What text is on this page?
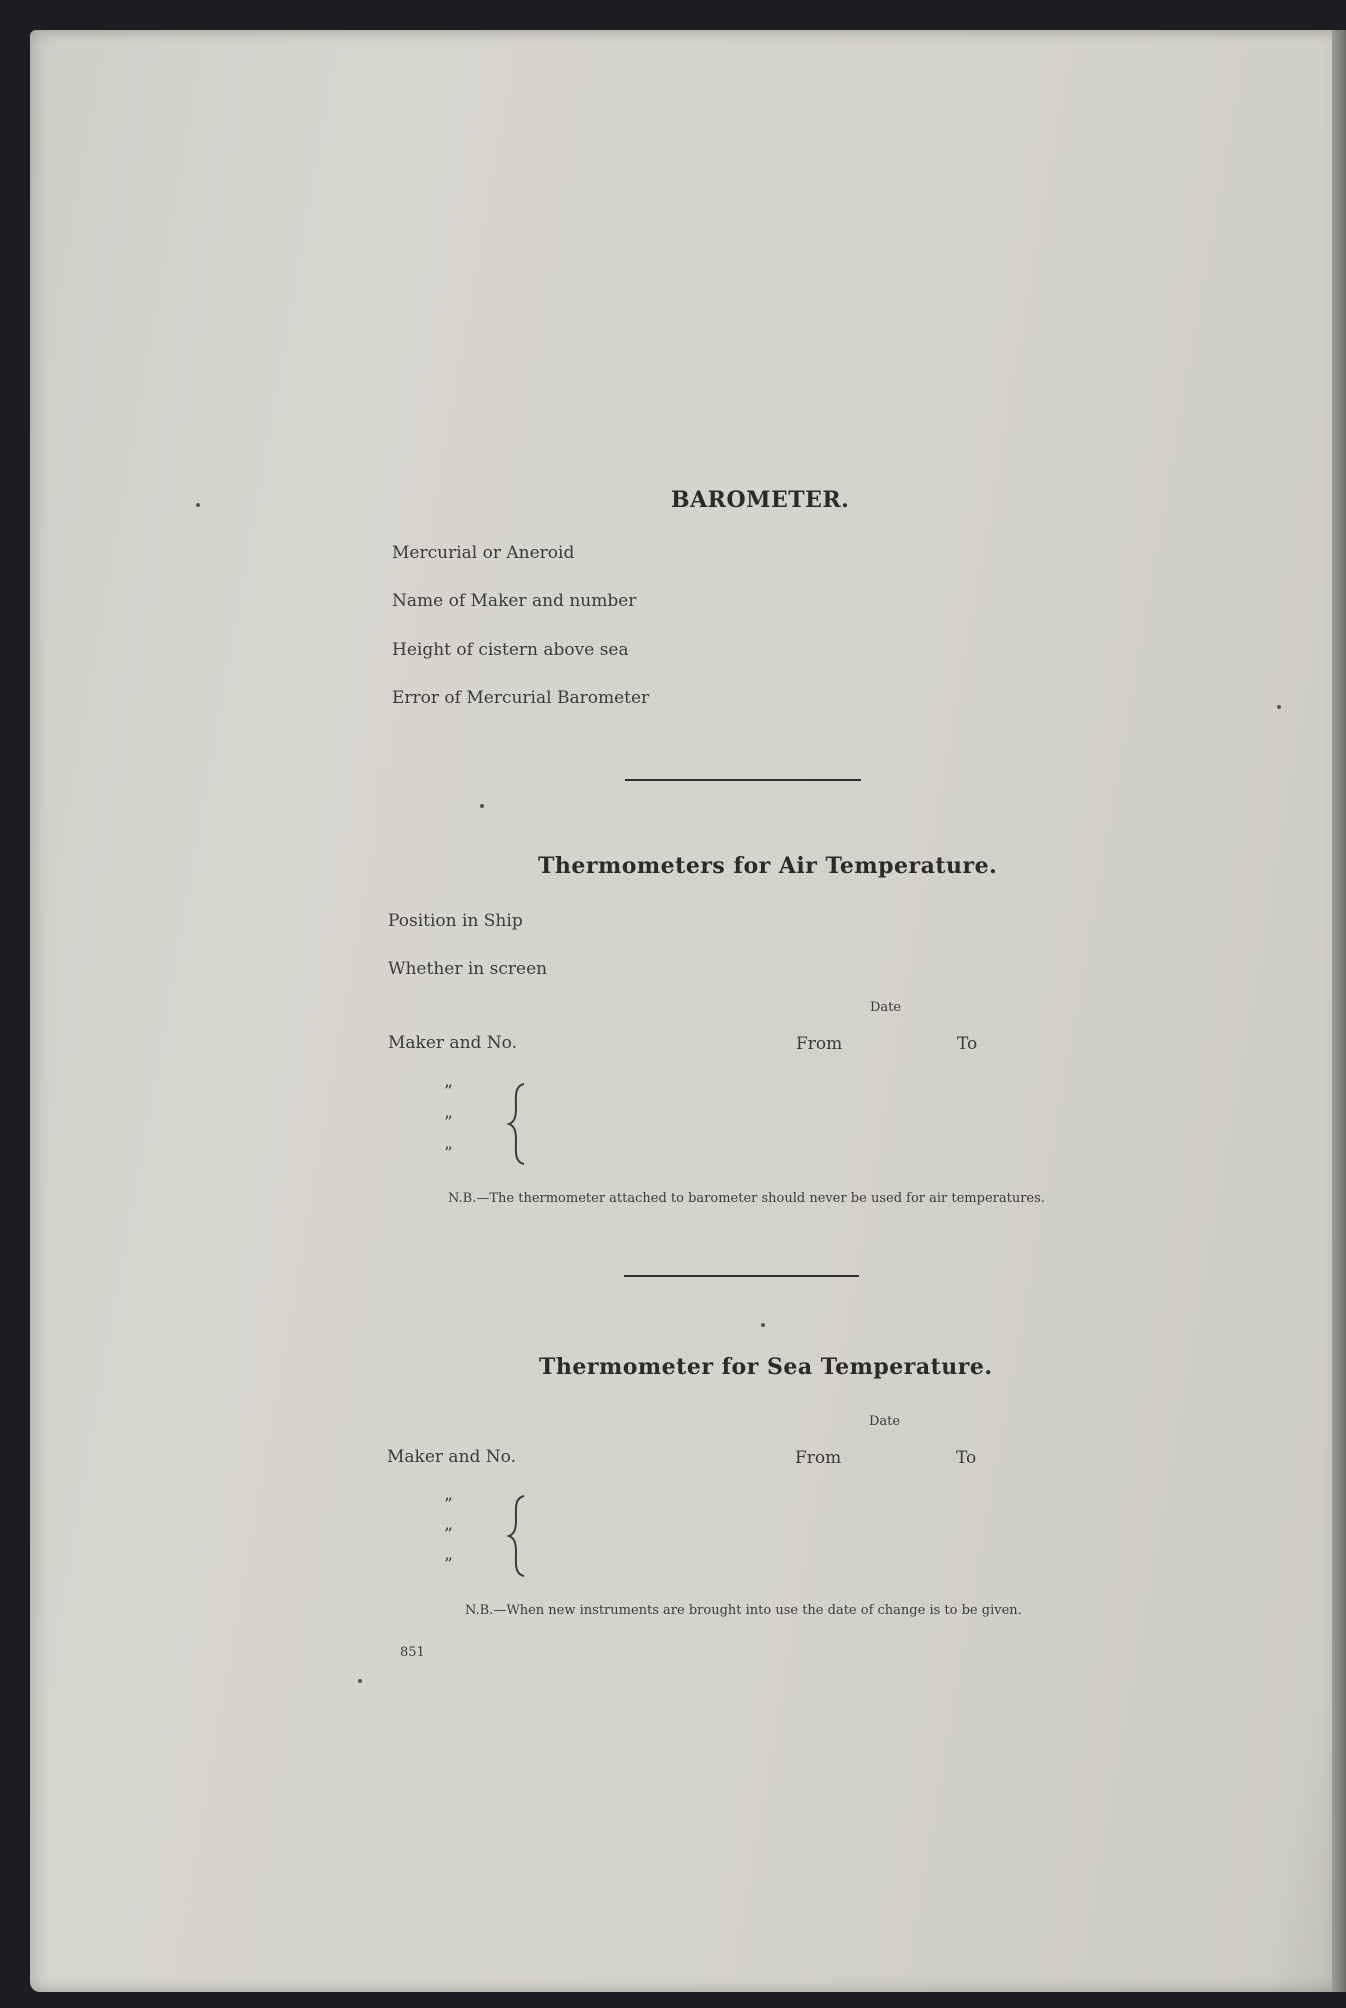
BAROMETER.
Mercurial or Aneroid
Name of Maker and number
Height of cistern above sea
Error of Mercurial Barometer
Thermometers for Air Temperature.
Position in Ship
Whether in screen
Date
Maker and No.	From	To
”
”
”
N.B.—The thermometer attached to barometer should never be used for air temperatures.
Thermometer for Sea Temperature.
Date
Maker and No.	From	To
”
”
”
N.B.—When new instruments are brought into use the date of change is to be given.
851
